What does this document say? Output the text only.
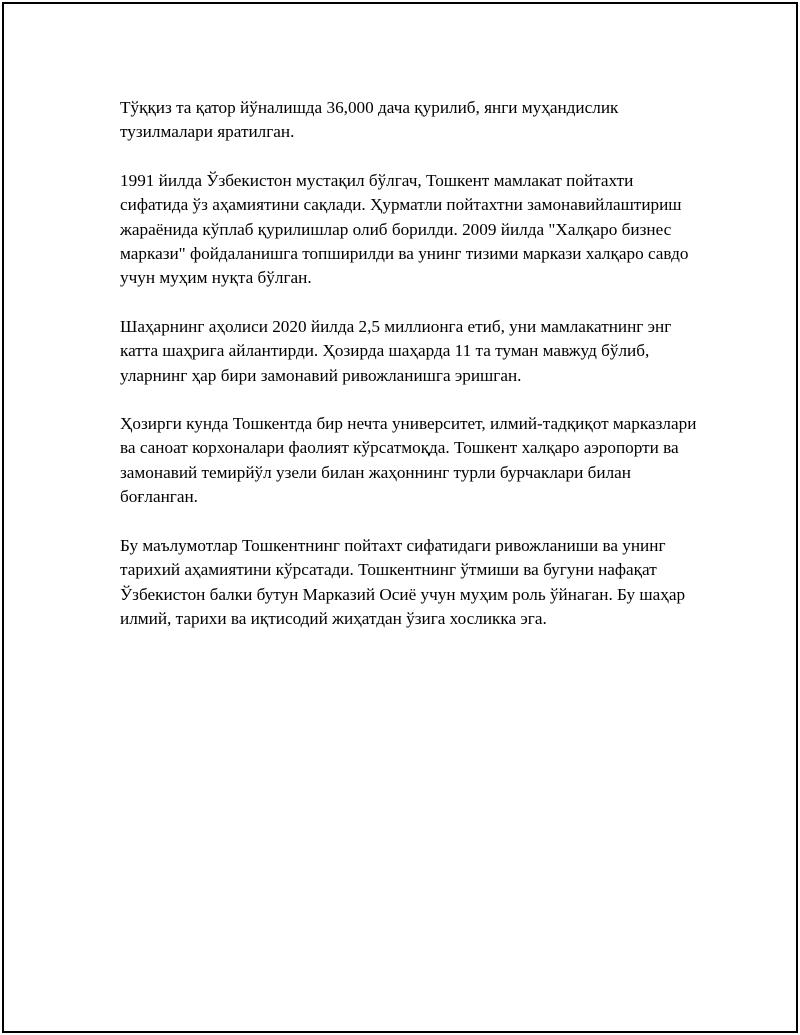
Тўққиз та қатор йўналишда 36,000 дача қурилиб, янги муҳандислик тузилмалари яратилган.

1991 йилда Ўзбекистон мустақил бўлгач, Тошкент мамлакат пойтахти сифатида ўз аҳамиятини сақлади. Ҳурматли пойтахтни замонавийлаштириш жараёнида кўплаб қурилишлар олиб борилди. 2009 йилда "Халқаро бизнес маркази" фойдаланишга топширилди ва унинг тизими маркази халқаро савдо учун муҳим нуқта бўлган.

Шаҳарнинг аҳолиси 2020 йилда 2,5 миллионга етиб, уни мамлакатнинг энг катта шаҳрига айлантирди. Ҳозирда шаҳарда 11 та туман мавжуд бўлиб, уларнинг ҳар бири замонавий ривожланишга эришган.

Ҳозирги кунда Тошкентда бир нечта университет, илмий-тадқиқот марказлари ва саноат корхоналари фаолият кўрсатмоқда. Тошкент халқаро аэропорти ва замонавий темирйўл узели билан жаҳоннинг турли бурчаклари билан боғланган.

Бу маълумотлар Тошкентнинг пойтахт сифатидаги ривожланиши ва унинг тарихий аҳамиятини кўрсатади. Тошкентнинг ўтмиши ва бугуни нафақат Ўзбекистон балки бутун Марказий Осиё учун муҳим роль ўйнаган. Бу шаҳар илмий, тарихи ва иқтисодий жиҳатдан ўзига хосликка эга.
